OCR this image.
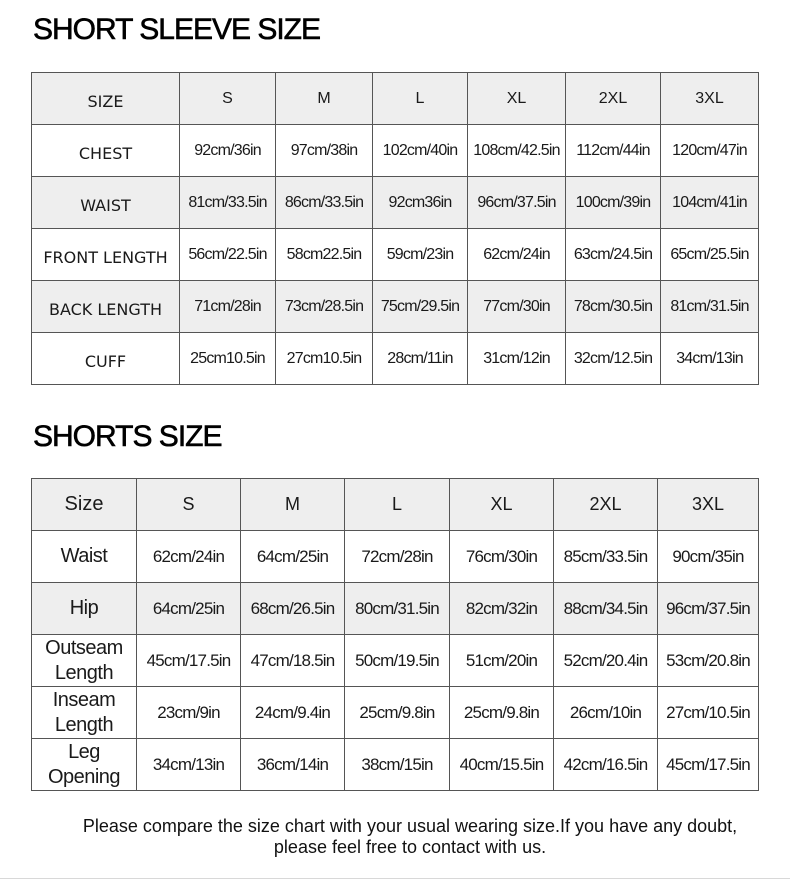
SHORT SLEEVE SIZE
SIZE	S	M	L	XL	2XL	3XL
CHEST	92cm/36in	97cm/38in	102cm/40in	108cm/42.5in	112cm/44in	120cm/47in
WAIST	81cm/33.5in	86cm/33.5in	92cm36in	96cm/37.5in	100cm/39in	104cm/41in
FRONT LENGTH	56cm/22.5in	58cm22.5in	59cm/23in	62cm/24in	63cm/24.5in	65cm/25.5in
BACK LENGTH	71cm/28in	73cm/28.5in	75cm/29.5in	77cm/30in	78cm/30.5in	81cm/31.5in
CUFF	25cm10.5in	27cm10.5in	28cm/11in	31cm/12in	32cm/12.5in	34cm/13in
SHORTS SIZE
Size	S	M	L	XL	2XL	3XL
Waist	62cm/24in	64cm/25in	72cm/28in	76cm/30in	85cm/33.5in	90cm/35in
Hip	64cm/25in	68cm/26.5in	80cm/31.5in	82cm/32in	88cm/34.5in	96cm/37.5in
Outseam Length	45cm/17.5in	47cm/18.5in	50cm/19.5in	51cm/20in	52cm/20.4in	53cm/20.8in
Inseam Length	23cm/9in	24cm/9.4in	25cm/9.8in	25cm/9.8in	26cm/10in	27cm/10.5in
Leg Opening	34cm/13in	36cm/14in	38cm/15in	40cm/15.5in	42cm/16.5in	45cm/17.5in
Please compare the size chart with your usual wearing size.If you have any doubt,
please feel free to contact with us.
